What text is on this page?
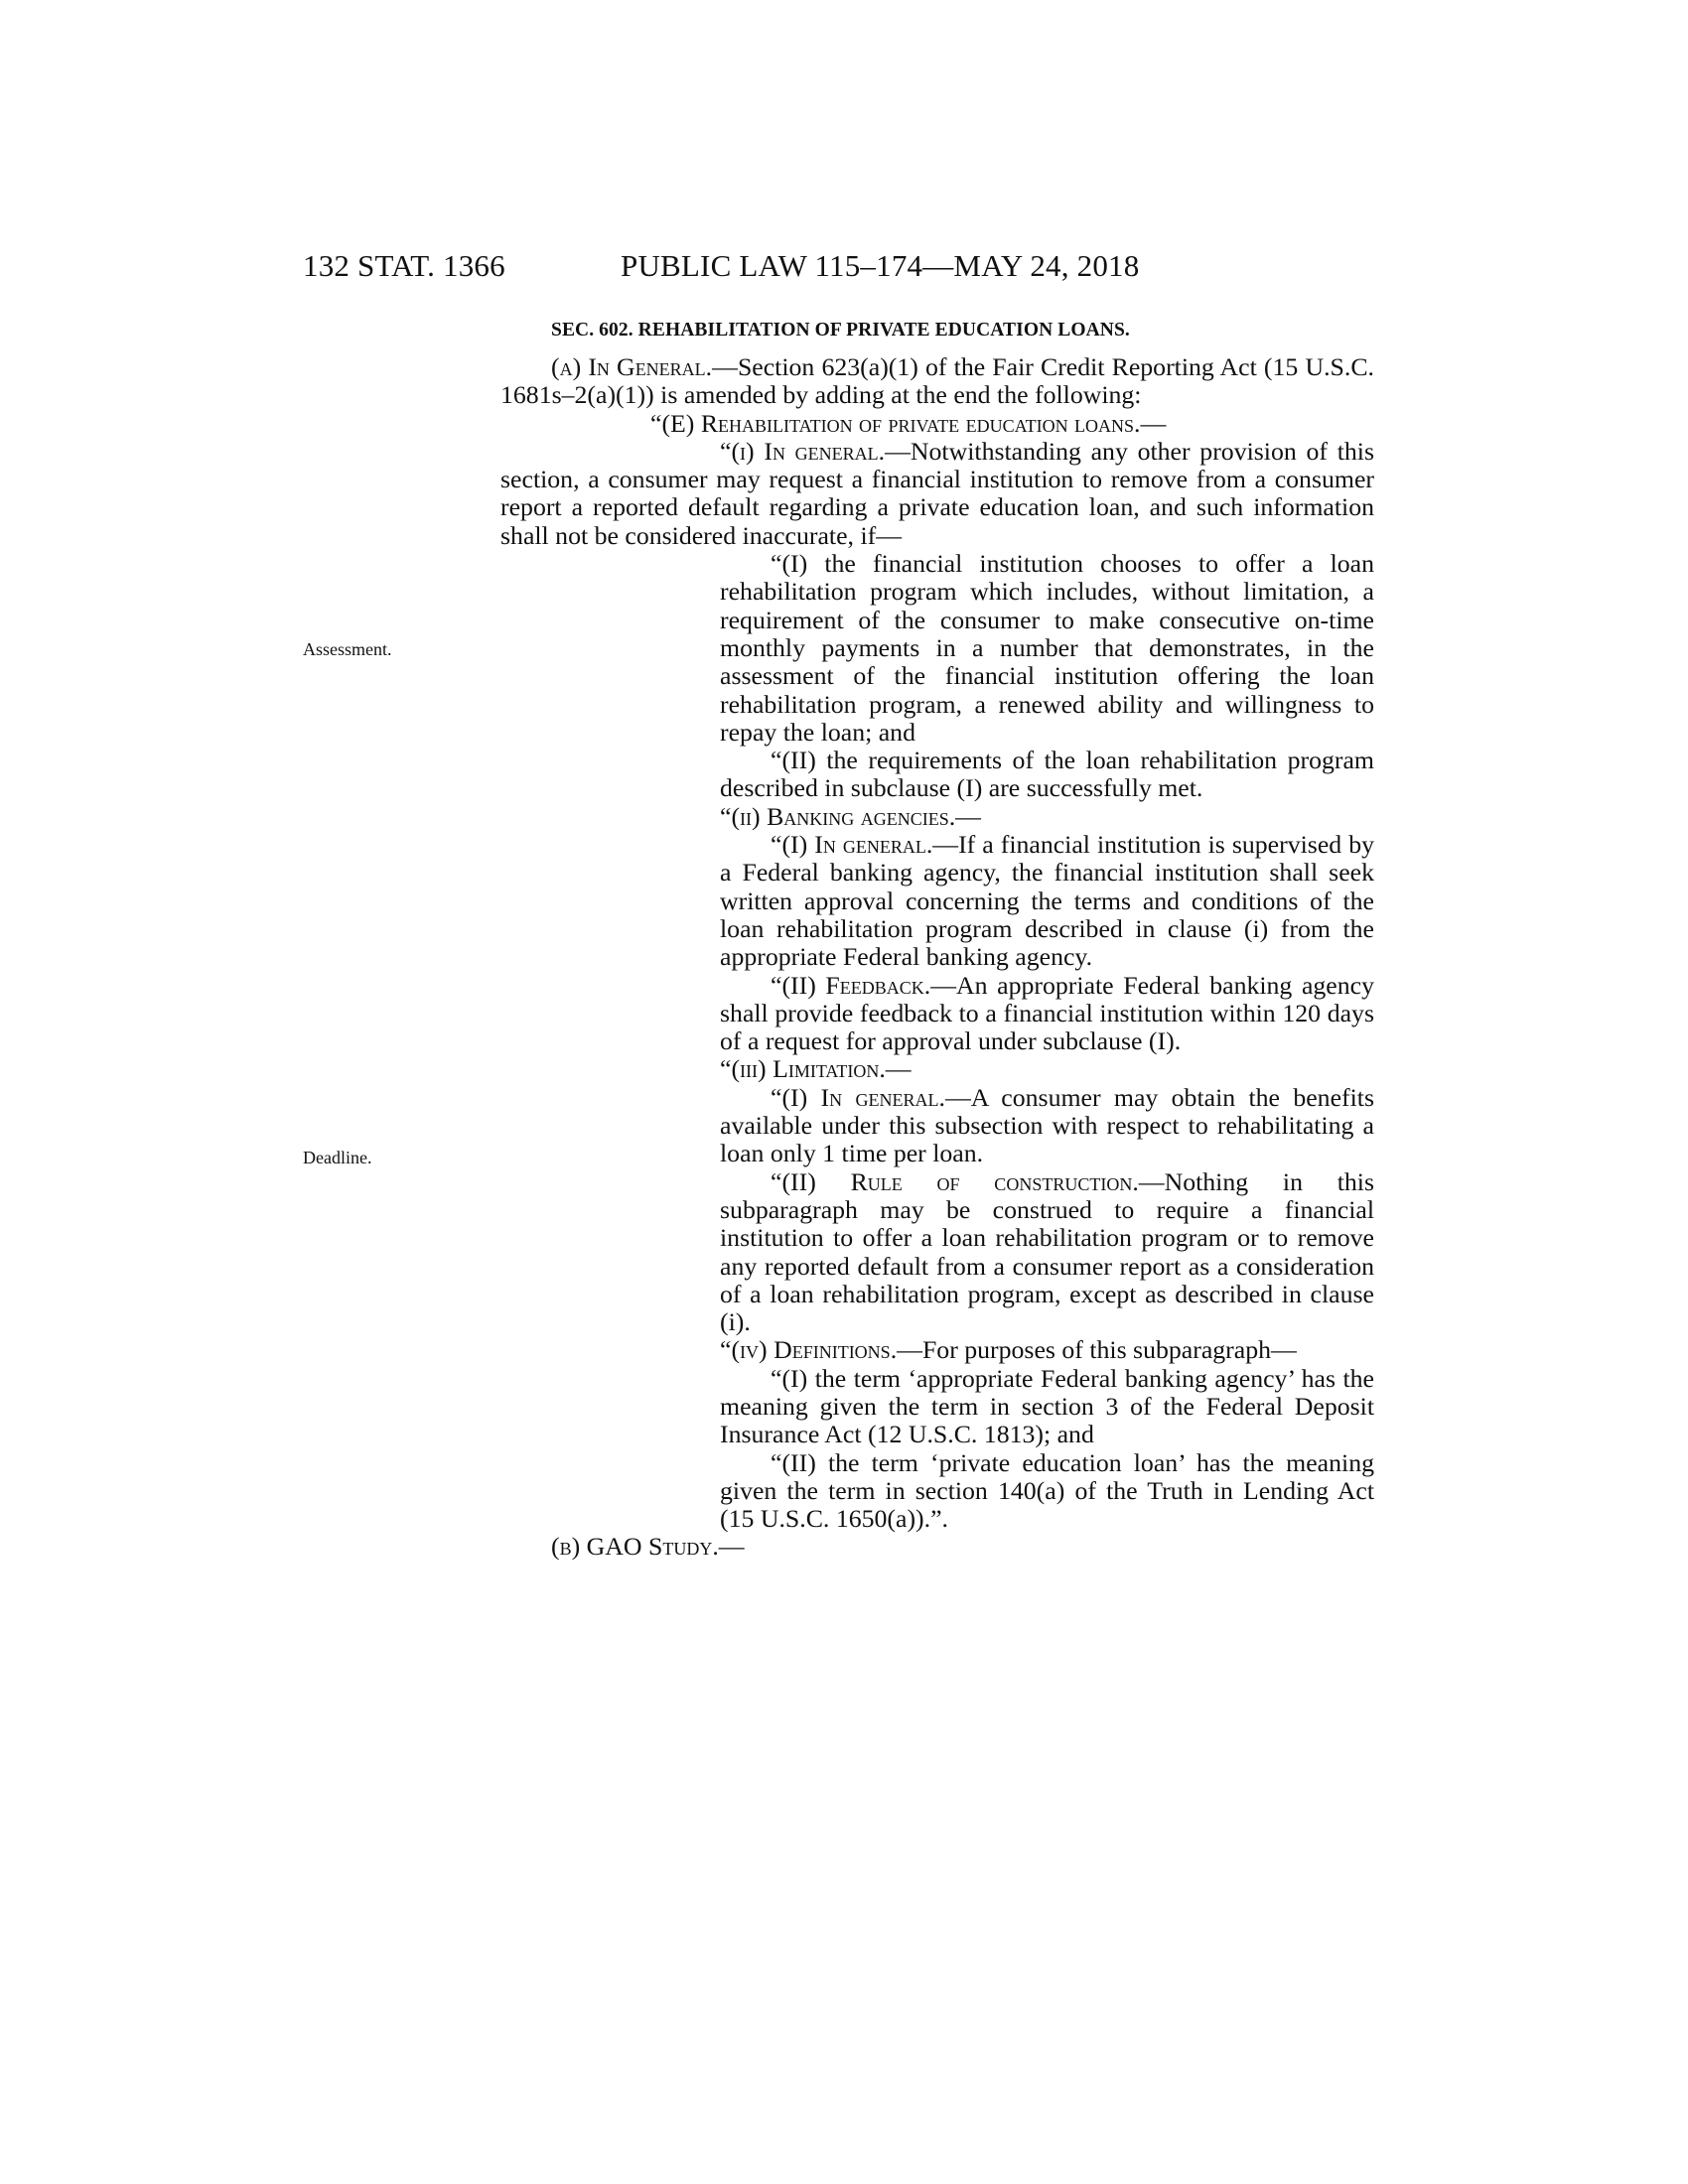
132 STAT. 1366	PUBLIC LAW 115–174—MAY 24, 2018
SEC. 602. REHABILITATION OF PRIVATE EDUCATION LOANS.
Assessment.
Deadline.

(a) In General.—Section 623(a)(1) of the Fair Credit Reporting Act (15 U.S.C. 1681s–2(a)(1)) is amended by adding at the end the following:

“(E) Rehabilitation of private education loans.—

“(i) In general.—Notwithstanding any other provision of this section, a consumer may request a financial institution to remove from a consumer report a reported default regarding a private education loan, and such information shall not be considered inaccurate, if—

“(I) the financial institution chooses to offer a loan rehabilitation program which includes, without limitation, a requirement of the consumer to make consecutive on-time monthly payments in a number that demonstrates, in the assessment of the financial institution offering the loan rehabilitation program, a renewed ability and willingness to repay the loan; and

“(II) the requirements of the loan rehabilitation program described in subclause (I) are successfully met.

“(ii) Banking agencies.—

“(I) In general.—If a financial institution is supervised by a Federal banking agency, the financial institution shall seek written approval concerning the terms and conditions of the loan rehabilitation program described in clause (i) from the appropriate Federal banking agency.

“(II) Feedback.—An appropriate Federal banking agency shall provide feedback to a financial institution within 120 days of a request for approval under subclause (I).

“(iii) Limitation.—

“(I) In general.—A consumer may obtain the benefits available under this subsection with respect to rehabilitating a loan only 1 time per loan.

“(II) Rule of construction.—Nothing in this subparagraph may be construed to require a financial institution to offer a loan rehabilitation program or to remove any reported default from a consumer report as a consideration of a loan rehabilitation program, except as described in clause (i).

“(iv) Definitions.—For purposes of this subparagraph—

“(I) the term ‘appropriate Federal banking agency’ has the meaning given the term in section 3 of the Federal Deposit Insurance Act (12 U.S.C. 1813); and

“(II) the term ‘private education loan’ has the meaning given the term in section 140(a) of the Truth in Lending Act (15 U.S.C. 1650(a)).”.

(b) GAO Study.—
